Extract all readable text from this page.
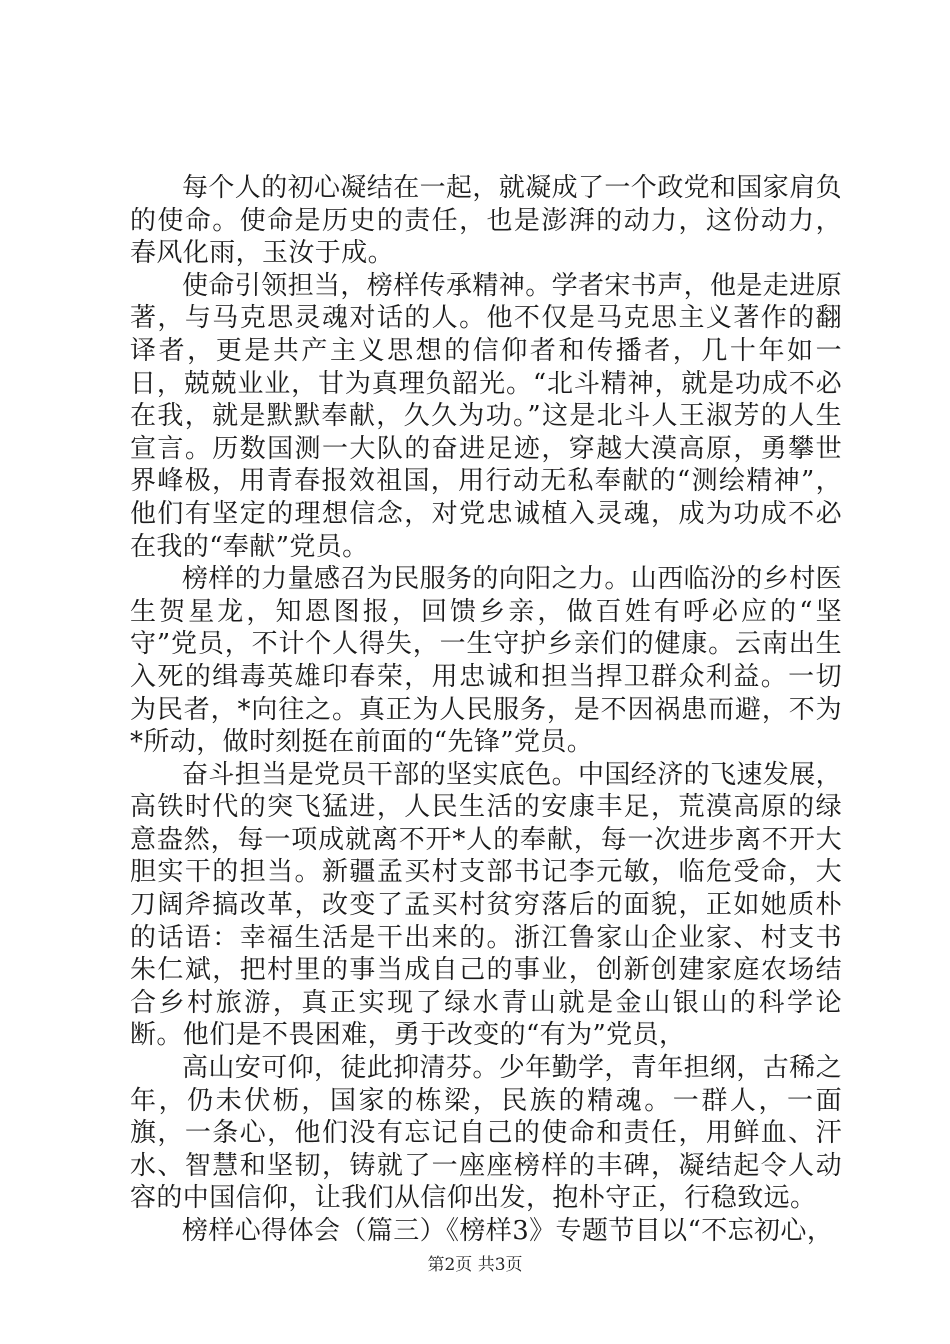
每个人的初心凝结在一起，就凝成了一个政党和国家肩负的使命。使命是历史的责任，也是澎湃的动力，这份动力，春风化雨，玉汝于成。

使命引领担当，榜样传承精神。学者宋书声，他是走进原著，与马克思灵魂对话的人。他不仅是马克思主义著作的翻译者，更是共产主义思想的信仰者和传播者，几十年如一日，兢兢业业，甘为真理负韶光。“北斗精神，就是功成不必在我，就是默默奉献，久久为功。”这是北斗人王淑芳的人生宣言。历数国测一大队的奋进足迹，穿越大漠高原，勇攀世界峰极，用青春报效祖国，用行动无私奉献的“测绘精神”，他们有坚定的理想信念，对党忠诚植入灵魂，成为功成不必在我的“奉献”党员。

榜样的力量感召为民服务的向阳之力。山西临汾的乡村医生贺星龙，知恩图报，回馈乡亲，做百姓有呼必应的“坚守”党员，不计个人得失，一生守护乡亲们的健康。云南出生入死的缉毒英雄印春荣，用忠诚和担当捍卫群众利益。一切为民者，*向往之。真正为人民服务，是不因祸患而避，不为*所动，做时刻挺在前面的“先锋”党员。

奋斗担当是党员干部的坚实底色。中国经济的飞速发展，高铁时代的突飞猛进，人民生活的安康丰足，荒漠高原的绿意盎然，每一项成就离不开*人的奉献，每一次进步离不开大胆实干的担当。新疆孟买村支部书记李元敏，临危受命，大刀阔斧搞改革，改变了孟买村贫穷落后的面貌，正如她质朴的话语：幸福生活是干出来的。浙江鲁家山企业家、村支书朱仁斌，把村里的事当成自己的事业，创新创建家庭农场结合乡村旅游，真正实现了绿水青山就是金山银山的科学论断。他们是不畏困难，勇于改变的“有为”党员，

高山安可仰，徒此抑清芬。少年勤学，青年担纲，古稀之年，仍未伏枥，国家的栋梁，民族的精魂。一群人，一面旗，一条心，他们没有忘记自己的使命和责任，用鲜血、汗水、智慧和坚韧，铸就了一座座榜样的丰碑，凝结起令人动容的中国信仰，让我们从信仰出发，抱朴守正，行稳致远。

榜样心得体会（篇三）《榜样3》专题节目以“不忘初心，

第2页 共3页
